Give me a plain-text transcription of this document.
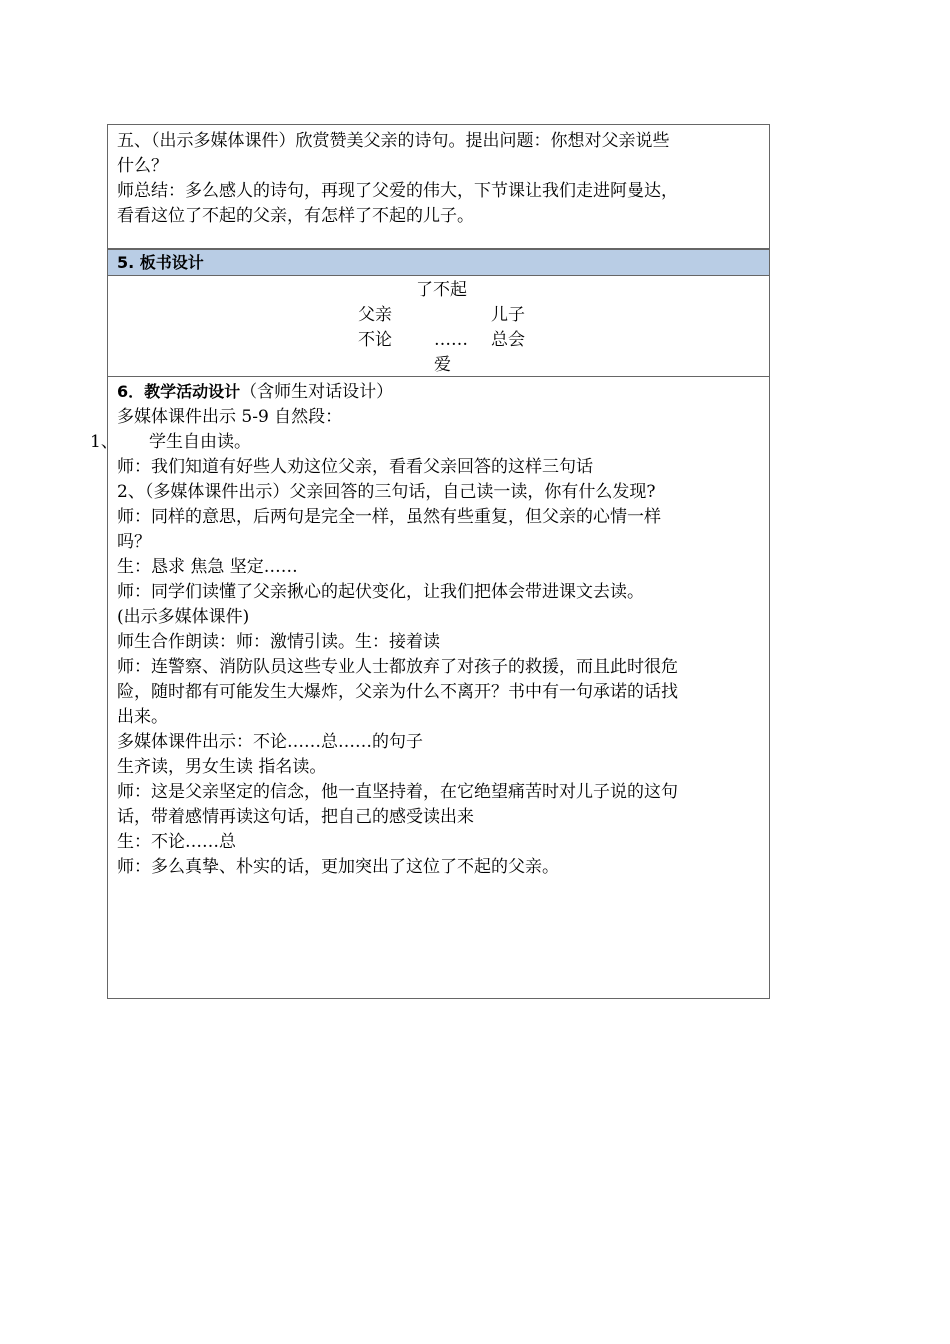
五、（出示多媒体课件）欣赏赞美父亲的诗句。提出问题：你想对父亲说些

什么？

师总结：多么感人的诗句，再现了父爱的伟大，下节课让我们走进阿曼达，

看看这位了不起的父亲，有怎样了不起的儿子。

5. 板书设计
了不起
父亲	儿子
不论 …… 总会
爱

6．教学活动设计（含师生对话设计）

多媒体课件出示 5-9 自然段：

学生自由读。

师：我们知道有好些人劝这位父亲，看看父亲回答的这样三句话

2、（多媒体课件出示）父亲回答的三句话，自己读一读，你有什么发现?

师：同样的意思，后两句是完全一样，虽然有些重复，但父亲的心情一样

吗？

生：恳求 焦急 坚定……

师：同学们读懂了父亲揪心的起伏变化，让我们把体会带进课文去读。

(出示多媒体课件)

师生合作朗读：师：激情引读。生：接着读

师：连警察、消防队员这些专业人士都放弃了对孩子的救援，而且此时很危

险，随时都有可能发生大爆炸，父亲为什么不离开？书中有一句承诺的话找

出来。

多媒体课件出示：不论……总……的句子

生齐读，男女生读 指名读。

师：这是父亲坚定的信念，他一直坚持着，在它绝望痛苦时对儿子说的这句

话，带着感情再读这句话，把自己的感受读出来

生：不论……总

师：多么真挚、朴实的话，更加突出了这位了不起的父亲。

1、
